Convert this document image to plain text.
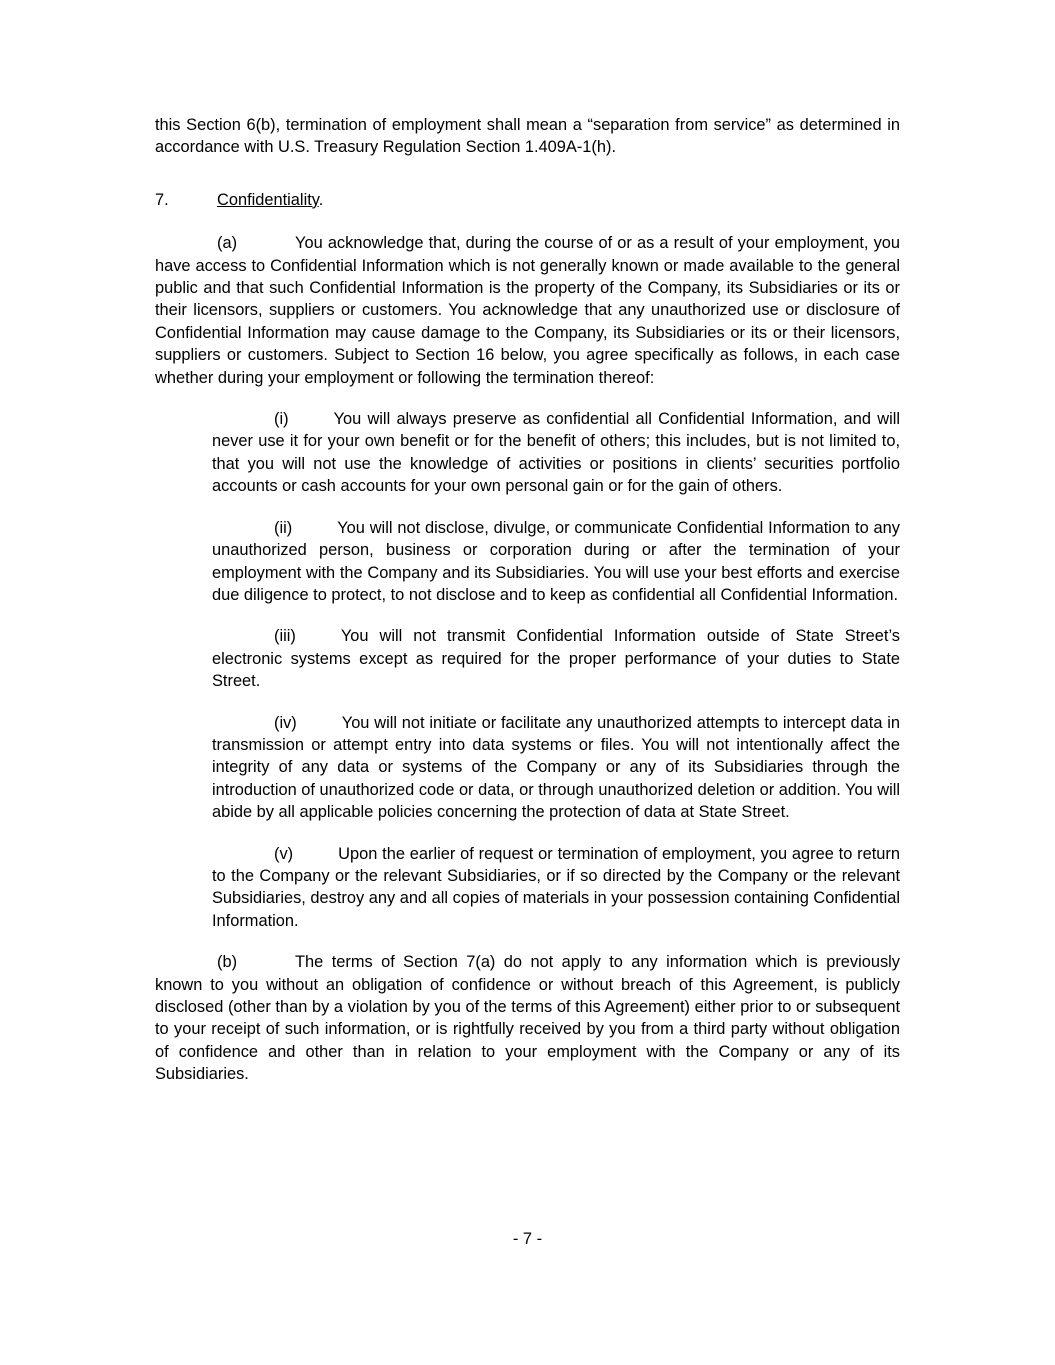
this Section 6(b), termination of employment shall mean a “separation from service” as determined in accordance with U.S. Treasury Regulation Section 1.409A-1(h).

7.	Confidentiality.

(a)	You acknowledge that, during the course of or as a result of your employment, you have access to Confidential Information which is not generally known or made available to the general public and that such Confidential Information is the property of the Company, its Subsidiaries or its or their licensors, suppliers or customers. You acknowledge that any unauthorized use or disclosure of Confidential Information may cause damage to the Company, its Subsidiaries or its or their licensors, suppliers or customers. Subject to Section 16 below, you agree specifically as follows, in each case whether during your employment or following the termination thereof:

(i)	You will always preserve as confidential all Confidential Information, and will never use it for your own benefit or for the benefit of others; this includes, but is not limited to, that you will not use the knowledge of activities or positions in clients’ securities portfolio accounts or cash accounts for your own personal gain or for the gain of others.

(ii)	You will not disclose, divulge, or communicate Confidential Information to any unauthorized person, business or corporation during or after the termination of your employment with the Company and its Subsidiaries. You will use your best efforts and exercise due diligence to protect, to not disclose and to keep as confidential all Confidential Information.

(iii)	You will not transmit Confidential Information outside of State Street’s electronic systems except as required for the proper performance of your duties to State Street.

(iv)	You will not initiate or facilitate any unauthorized attempts to intercept data in transmission or attempt entry into data systems or files. You will not intentionally affect the integrity of any data or systems of the Company or any of its Subsidiaries through the introduction of unauthorized code or data, or through unauthorized deletion or addition. You will abide by all applicable policies concerning the protection of data at State Street.

(v)	Upon the earlier of request or termination of employment, you agree to return to the Company or the relevant Subsidiaries, or if so directed by the Company or the relevant Subsidiaries, destroy any and all copies of materials in your possession containing Confidential Information.

(b)	The terms of Section 7(a) do not apply to any information which is previously known to you without an obligation of confidence or without breach of this Agreement, is publicly disclosed (other than by a violation by you of the terms of this Agreement) either prior to or subsequent to your receipt of such information, or is rightfully received by you from a third party without obligation of confidence and other than in relation to your employment with the Company or any of its Subsidiaries.

- 7 -
